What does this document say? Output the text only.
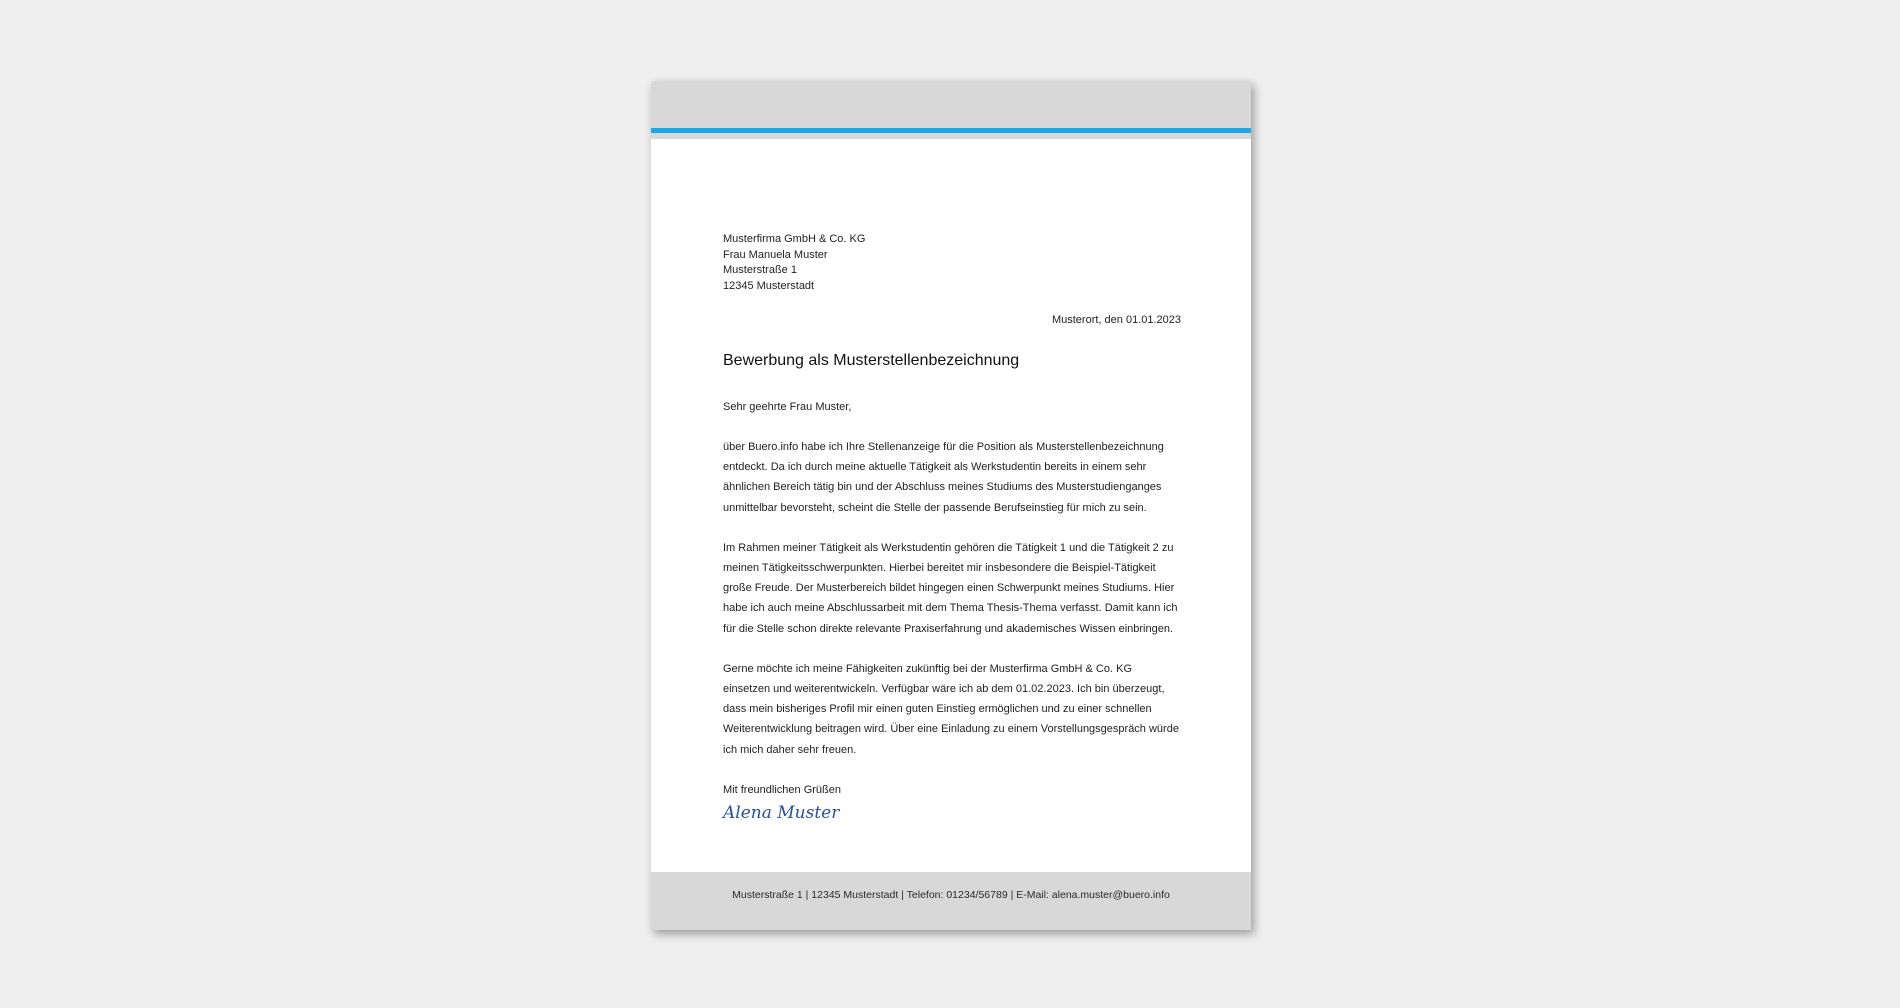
Musterfirma GmbH & Co. KG
Frau Manuela Muster
Musterstraße 1
12345 Musterstadt
Musterort, den 01.01.2023
Bewerbung als Musterstellenbezeichnung
Sehr geehrte Frau Muster,
über Buero.info habe ich Ihre Stellenanzeige für die Position als Musterstellenbezeichnung entdeckt. Da ich durch meine aktuelle Tätigkeit als Werkstudentin bereits in einem sehr ähnlichen Bereich tätig bin und der Abschluss meines Studiums des Musterstudienganges unmittelbar bevorsteht, scheint die Stelle der passende Berufseinstieg für mich zu sein.
Im Rahmen meiner Tätigkeit als Werkstudentin gehören die Tätigkeit 1 und die Tätigkeit 2 zu meinen Tätigkeitsschwerpunkten. Hierbei bereitet mir insbesondere die Beispiel-Tätigkeit große Freude. Der Musterbereich bildet hingegen einen Schwerpunkt meines Studiums. Hier habe ich auch meine Abschlussarbeit mit dem Thema Thesis-Thema verfasst. Damit kann ich für die Stelle schon direkte relevante Praxiserfahrung und akademisches Wissen einbringen.
Gerne möchte ich meine Fähigkeiten zukünftig bei der Musterfirma GmbH & Co. KG einsetzen und weiterentwickeln. Verfügbar wäre ich ab dem 01.02.2023. Ich bin überzeugt, dass mein bisheriges Profil mir einen guten Einstieg ermöglichen und zu einer schnellen Weiterentwicklung beitragen wird. Über eine Einladung zu einem Vorstellungsgespräch würde ich mich daher sehr freuen.
Mit freundlichen Grüßen
Alena Muster
Musterstraße 1 | 12345 Musterstadt | Telefon: 01234/56789 | E-Mail: alena.muster@buero.info
